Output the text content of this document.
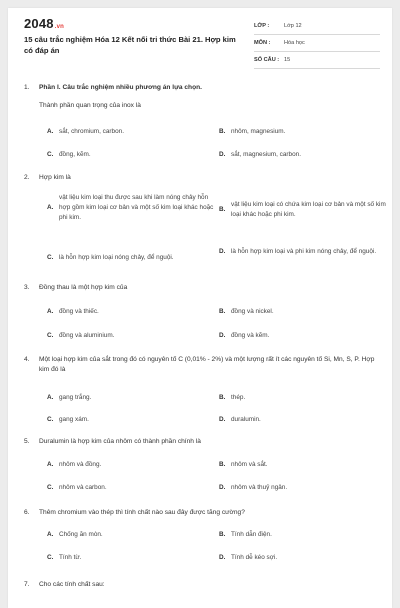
2048.vn
15 câu trắc nghiệm Hóa 12 Kết nối tri thức Bài 21. Hợp kim có đáp án
LỚP :	Lớp 12
MÔN :	Hóa học
SỐ CÂU : 15
1.	Phần I. Câu trắc nghiệm nhiều phương án lựa chọn.
Thành phần quan trọng của inox là
A. sắt, chromium, carbon.	B. nhôm, magnesium.
C. đồng, kẽm.	D. sắt, magnesium, carbon.
2.	Hợp kim là
A.
vật liệu kim loại thu được sau khi làm nóng chảy hỗn hợp gồm kim loại cơ bản và một số kim loại khác hoặc phi kim.
B.
vật liệu kim loại có chứa kim loại cơ bản và một số kim loại khác hoặc phi kim.
C. là hỗn hợp kim loại nóng chảy, để nguội.
D. là hỗn hợp kim loại và phi kim nóng chảy, để nguội.
3.	Đồng thau là một hợp kim của
A. đồng và thiếc.	B. đồng và nickel.
C. đồng và aluminium.	D. đồng và kẽm.
4.	Một loại hợp kim của sắt trong đó có nguyên tố C (0,01% - 2%) và một lượng rất ít các nguyên tố Si, Mn, S, P. Hợp kim đó là
A. gang trắng.	B. thép.
C. gang xám.	D. duralumin.
5.	Duralumin là hợp kim của nhôm có thành phần chính là
A. nhôm và đồng.	B. nhôm và sắt.
C. nhôm và carbon.	D. nhôm và thuỷ ngân.
6.	Thêm chromium vào thép thì tính chất nào sau đây được tăng cường?
A. Chống ăn mòn.	B. Tính dẫn điện.
C. Tính từ.	D. Tính dễ kéo sợi.
7.	Cho các tính chất sau:
